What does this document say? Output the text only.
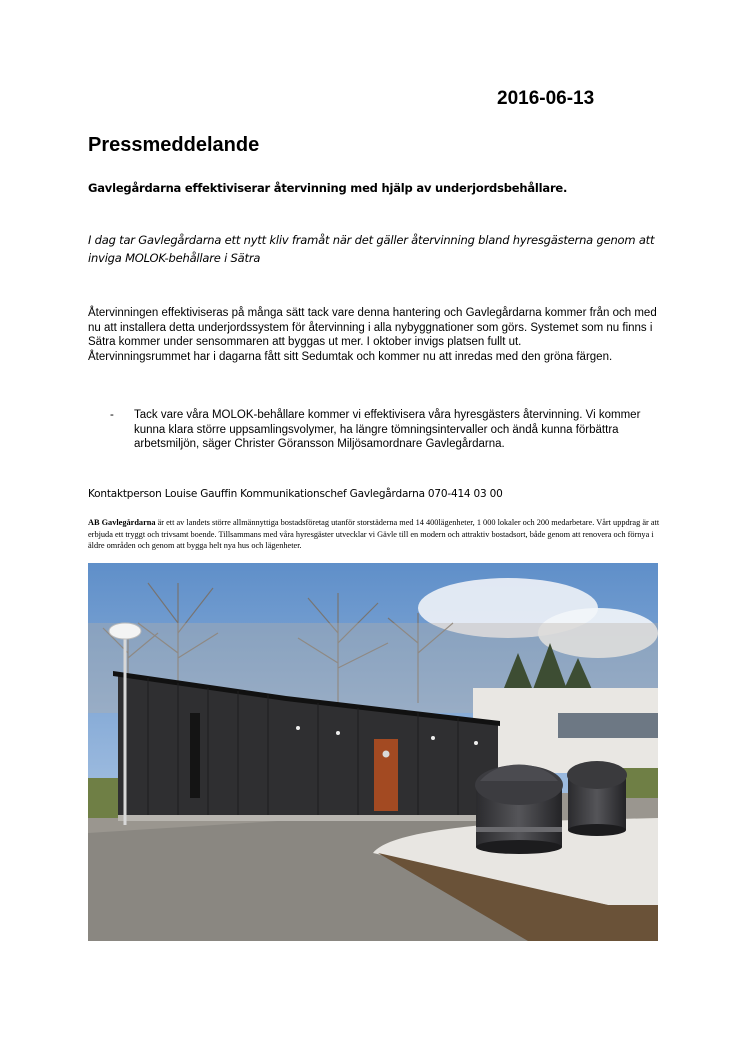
2016-06-13
Pressmeddelande
Gavlegårdarna effektiviserar återvinning med hjälp av underjordsbehållare.
I dag tar Gavlegårdarna ett nytt kliv framåt när det gäller återvinning bland hyresgästerna genom att inviga MOLOK-behållare i Sätra

Återvinningen effektiviseras på många sätt tack vare denna hantering och Gavlegårdarna kommer från och med nu att installera detta underjordssystem för återvinning i alla nybyggnationer som görs. Systemet som nu finns i Sätra kommer under sensommaren att byggas ut mer. I oktober invigs platsen fullt ut.

Återvinningsrummet har i dagarna fått sitt Sedumtak och kommer nu att inredas med den gröna färgen.

- Tack vare våra MOLOK-behållare kommer vi effektivisera våra hyresgästers återvinning. Vi kommer kunna klara större uppsamlingsvolymer, ha längre tömningsintervaller och ändå kunna förbättra arbetsmiljön, säger Christer Göransson Miljösamordnare Gavlegårdarna.
Kontaktperson Louise Gauffin Kommunikationschef Gavlegårdarna 070-414 03 00
AB Gavlegårdarna är ett av landets större allmännyttiga bostadsföretag utanför storstäderna med 14 400lägenheter, 1 000 lokaler och 200 medarbetare. Vårt uppdrag är att erbjuda ett tryggt och trivsamt boende. Tillsammans med våra hyresgäster utvecklar vi Gävle till en modern och attraktiv bostadsort, både genom att renovera och förnya i äldre områden och genom att bygga helt nya hus och lägenheter.
